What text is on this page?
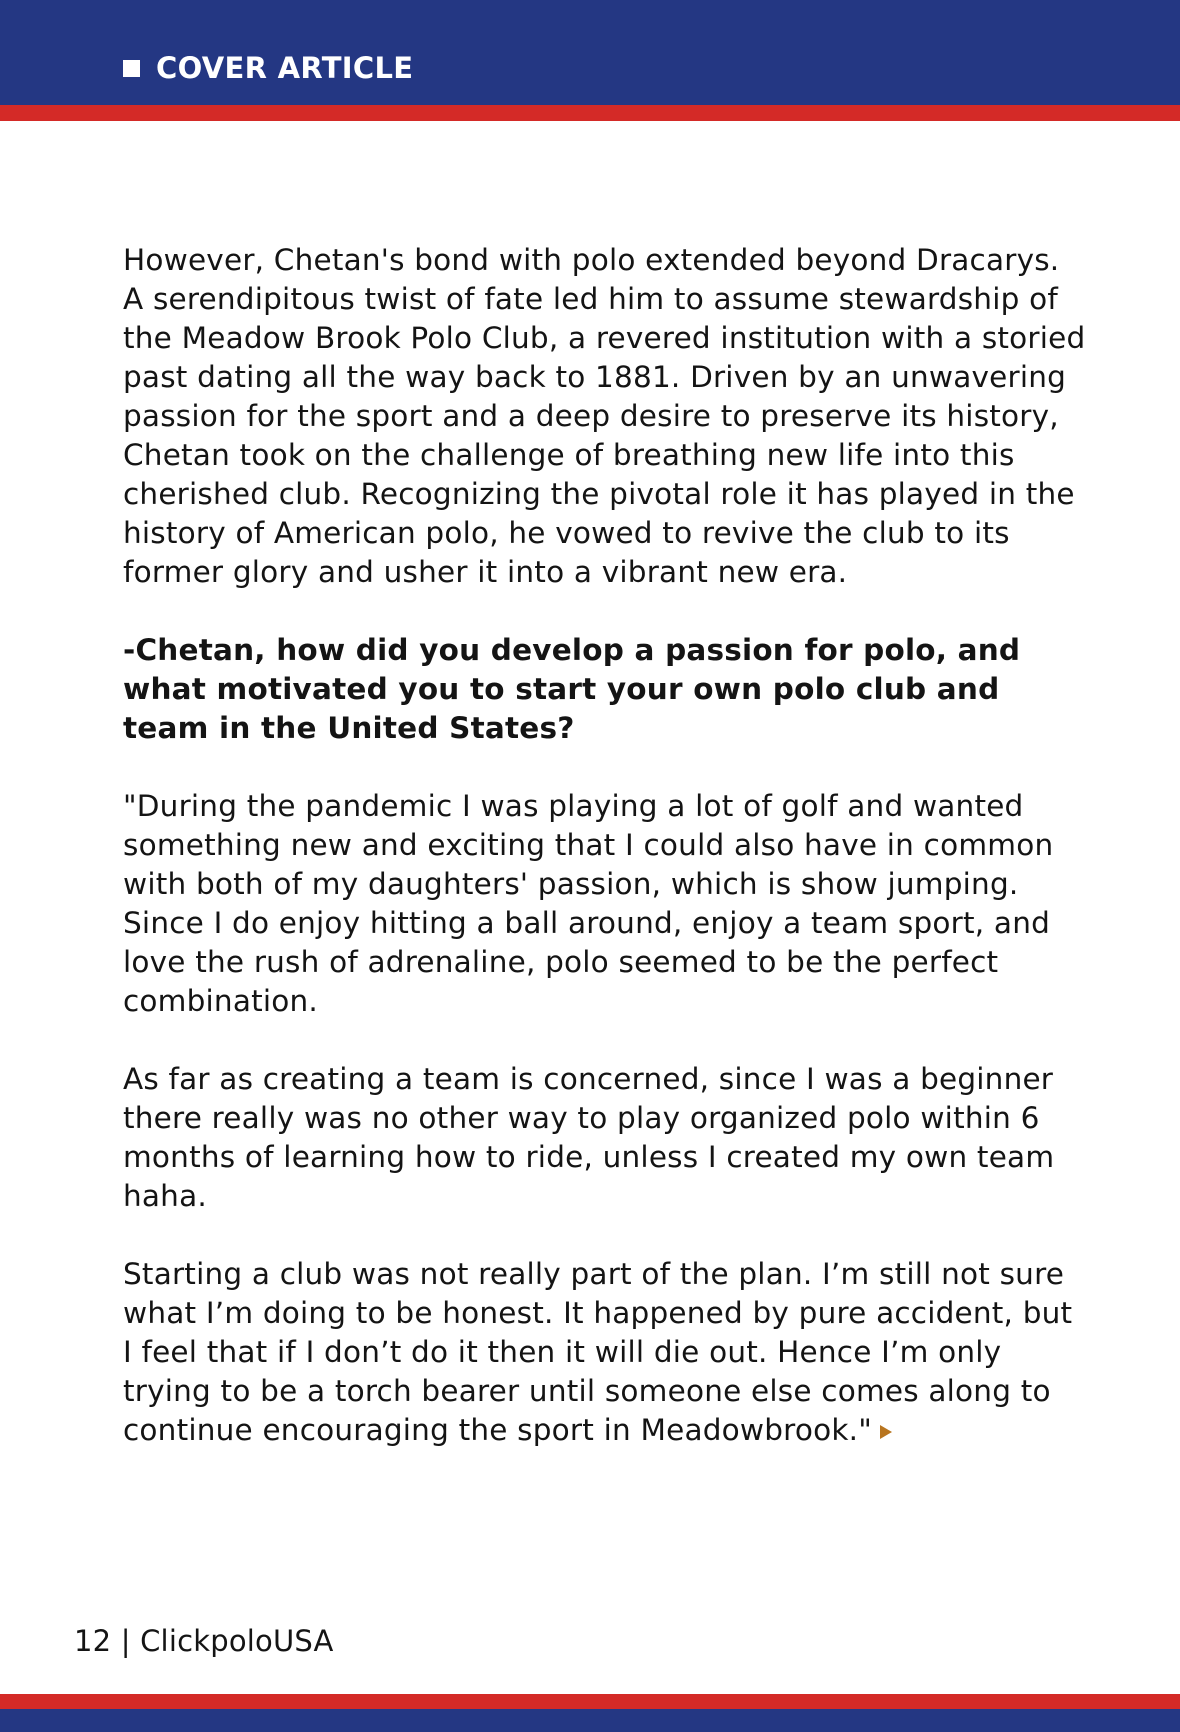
COVER ARTICLE

However, Chetan's bond with polo extended beyond Dracarys. A serendipitous twist of fate led him to assume stewardship of the Meadow Brook Polo Club, a revered institution with a storied past dating all the way back to 1881. Driven by an unwavering passion for the sport and a deep desire to preserve its history, Chetan took on the challenge of breathing new life into this cherished club. Recognizing the pivotal role it has played in the history of American polo, he vowed to revive the club to its former glory and usher it into a vibrant new era.

-Chetan, how did you develop a passion for polo, and what motivated you to start your own polo club and team in the United States?

"During the pandemic I was playing a lot of golf and wanted something new and exciting that I could also have in common with both of my daughters' passion, which is show jumping. Since I do enjoy hitting a ball around, enjoy a team sport, and love the rush of adrenaline, polo seemed to be the perfect combination.

As far as creating a team is concerned, since I was a beginner there really was no other way to play organized polo within 6 months of learning how to ride, unless I created my own team haha.

Starting a club was not really part of the plan. I’m still not sure what I’m doing to be honest. It happened by pure accident, but I feel that if I don’t do it then it will die out. Hence I’m only trying to be a torch bearer until someone else comes along to continue encouraging the sport in Meadowbrook."

12 | ClickpoloUSA
